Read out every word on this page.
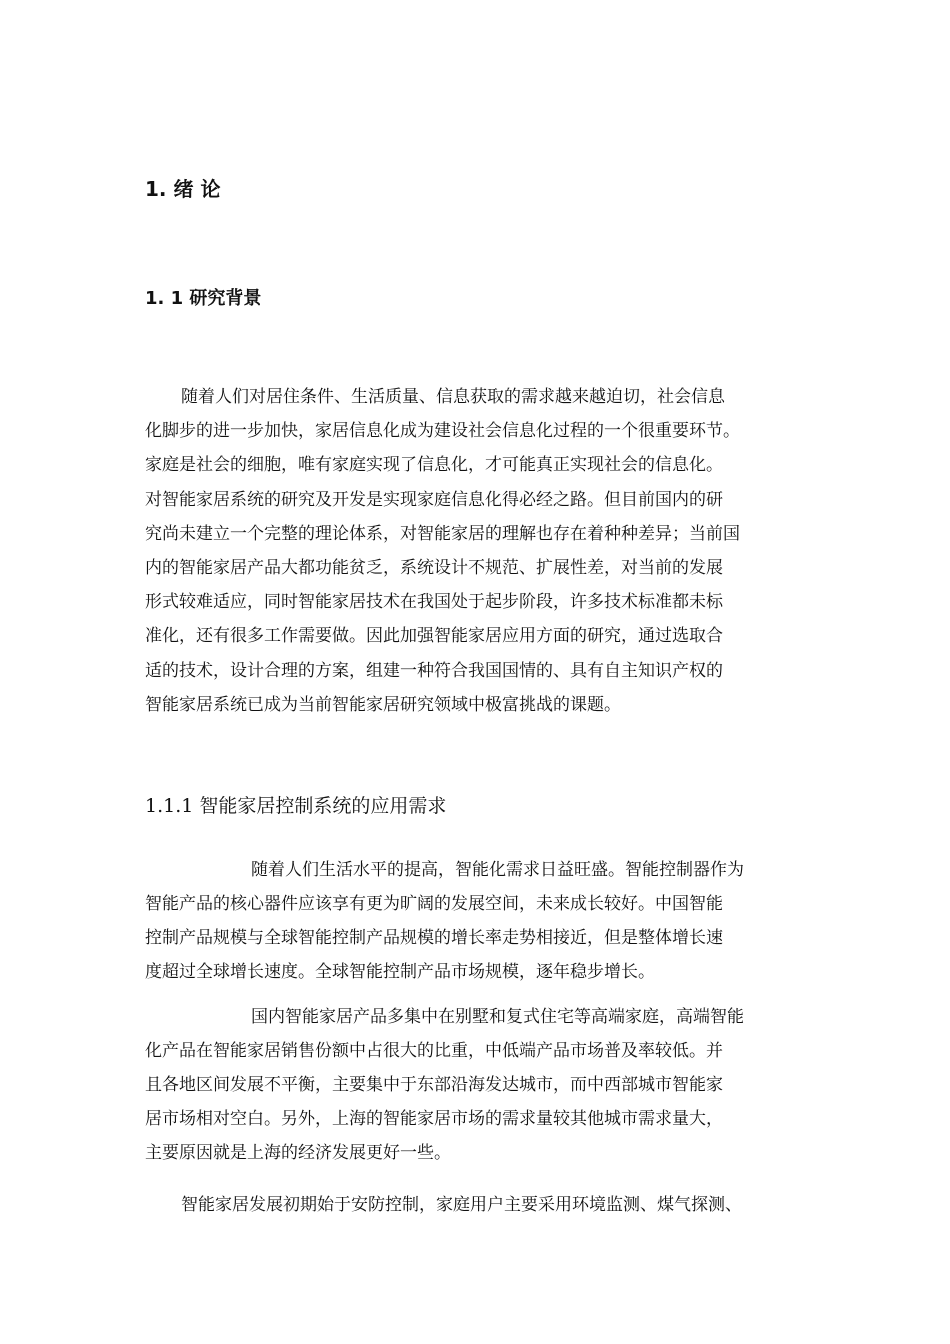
1. 绪 论
1. 1 研究背景
随着人们对居住条件、生活质量、信息获取的需求越来越迫切，社会信息
化脚步的进一步加快，家居信息化成为建设社会信息化过程的一个很重要环节。
家庭是社会的细胞，唯有家庭实现了信息化，才可能真正实现社会的信息化。
对智能家居系统的研究及开发是实现家庭信息化得必经之路。但目前国内的研
究尚未建立一个完整的理论体系，对智能家居的理解也存在着种种差异；当前国
内的智能家居产品大都功能贫乏，系统设计不规范、扩展性差，对当前的发展
形式较难适应，同时智能家居技术在我国处于起步阶段，许多技术标准都未标
准化，还有很多工作需要做。因此加强智能家居应用方面的研究，通过选取合
适的技术，设计合理的方案，组建一种符合我国国情的、具有自主知识产权的
智能家居系统已成为当前智能家居研究领域中极富挑战的课题。
1.1.1 智能家居控制系统的应用需求
随着人们生活水平的提高，智能化需求日益旺盛。智能控制器作为
智能产品的核心器件应该享有更为旷阔的发展空间，未来成长较好。中国智能
控制产品规模与全球智能控制产品规模的增长率走势相接近，但是整体增长速
度超过全球增长速度。全球智能控制产品市场规模，逐年稳步增长。
国内智能家居产品多集中在别墅和复式住宅等高端家庭，高端智能
化产品在智能家居销售份额中占很大的比重，中低端产品市场普及率较低。并
且各地区间发展不平衡，主要集中于东部沿海发达城市，而中西部城市智能家
居市场相对空白。另外，上海的智能家居市场的需求量较其他城市需求量大，
主要原因就是上海的经济发展更好一些。
智能家居发展初期始于安防控制，家庭用户主要采用环境监测、煤气探测、
